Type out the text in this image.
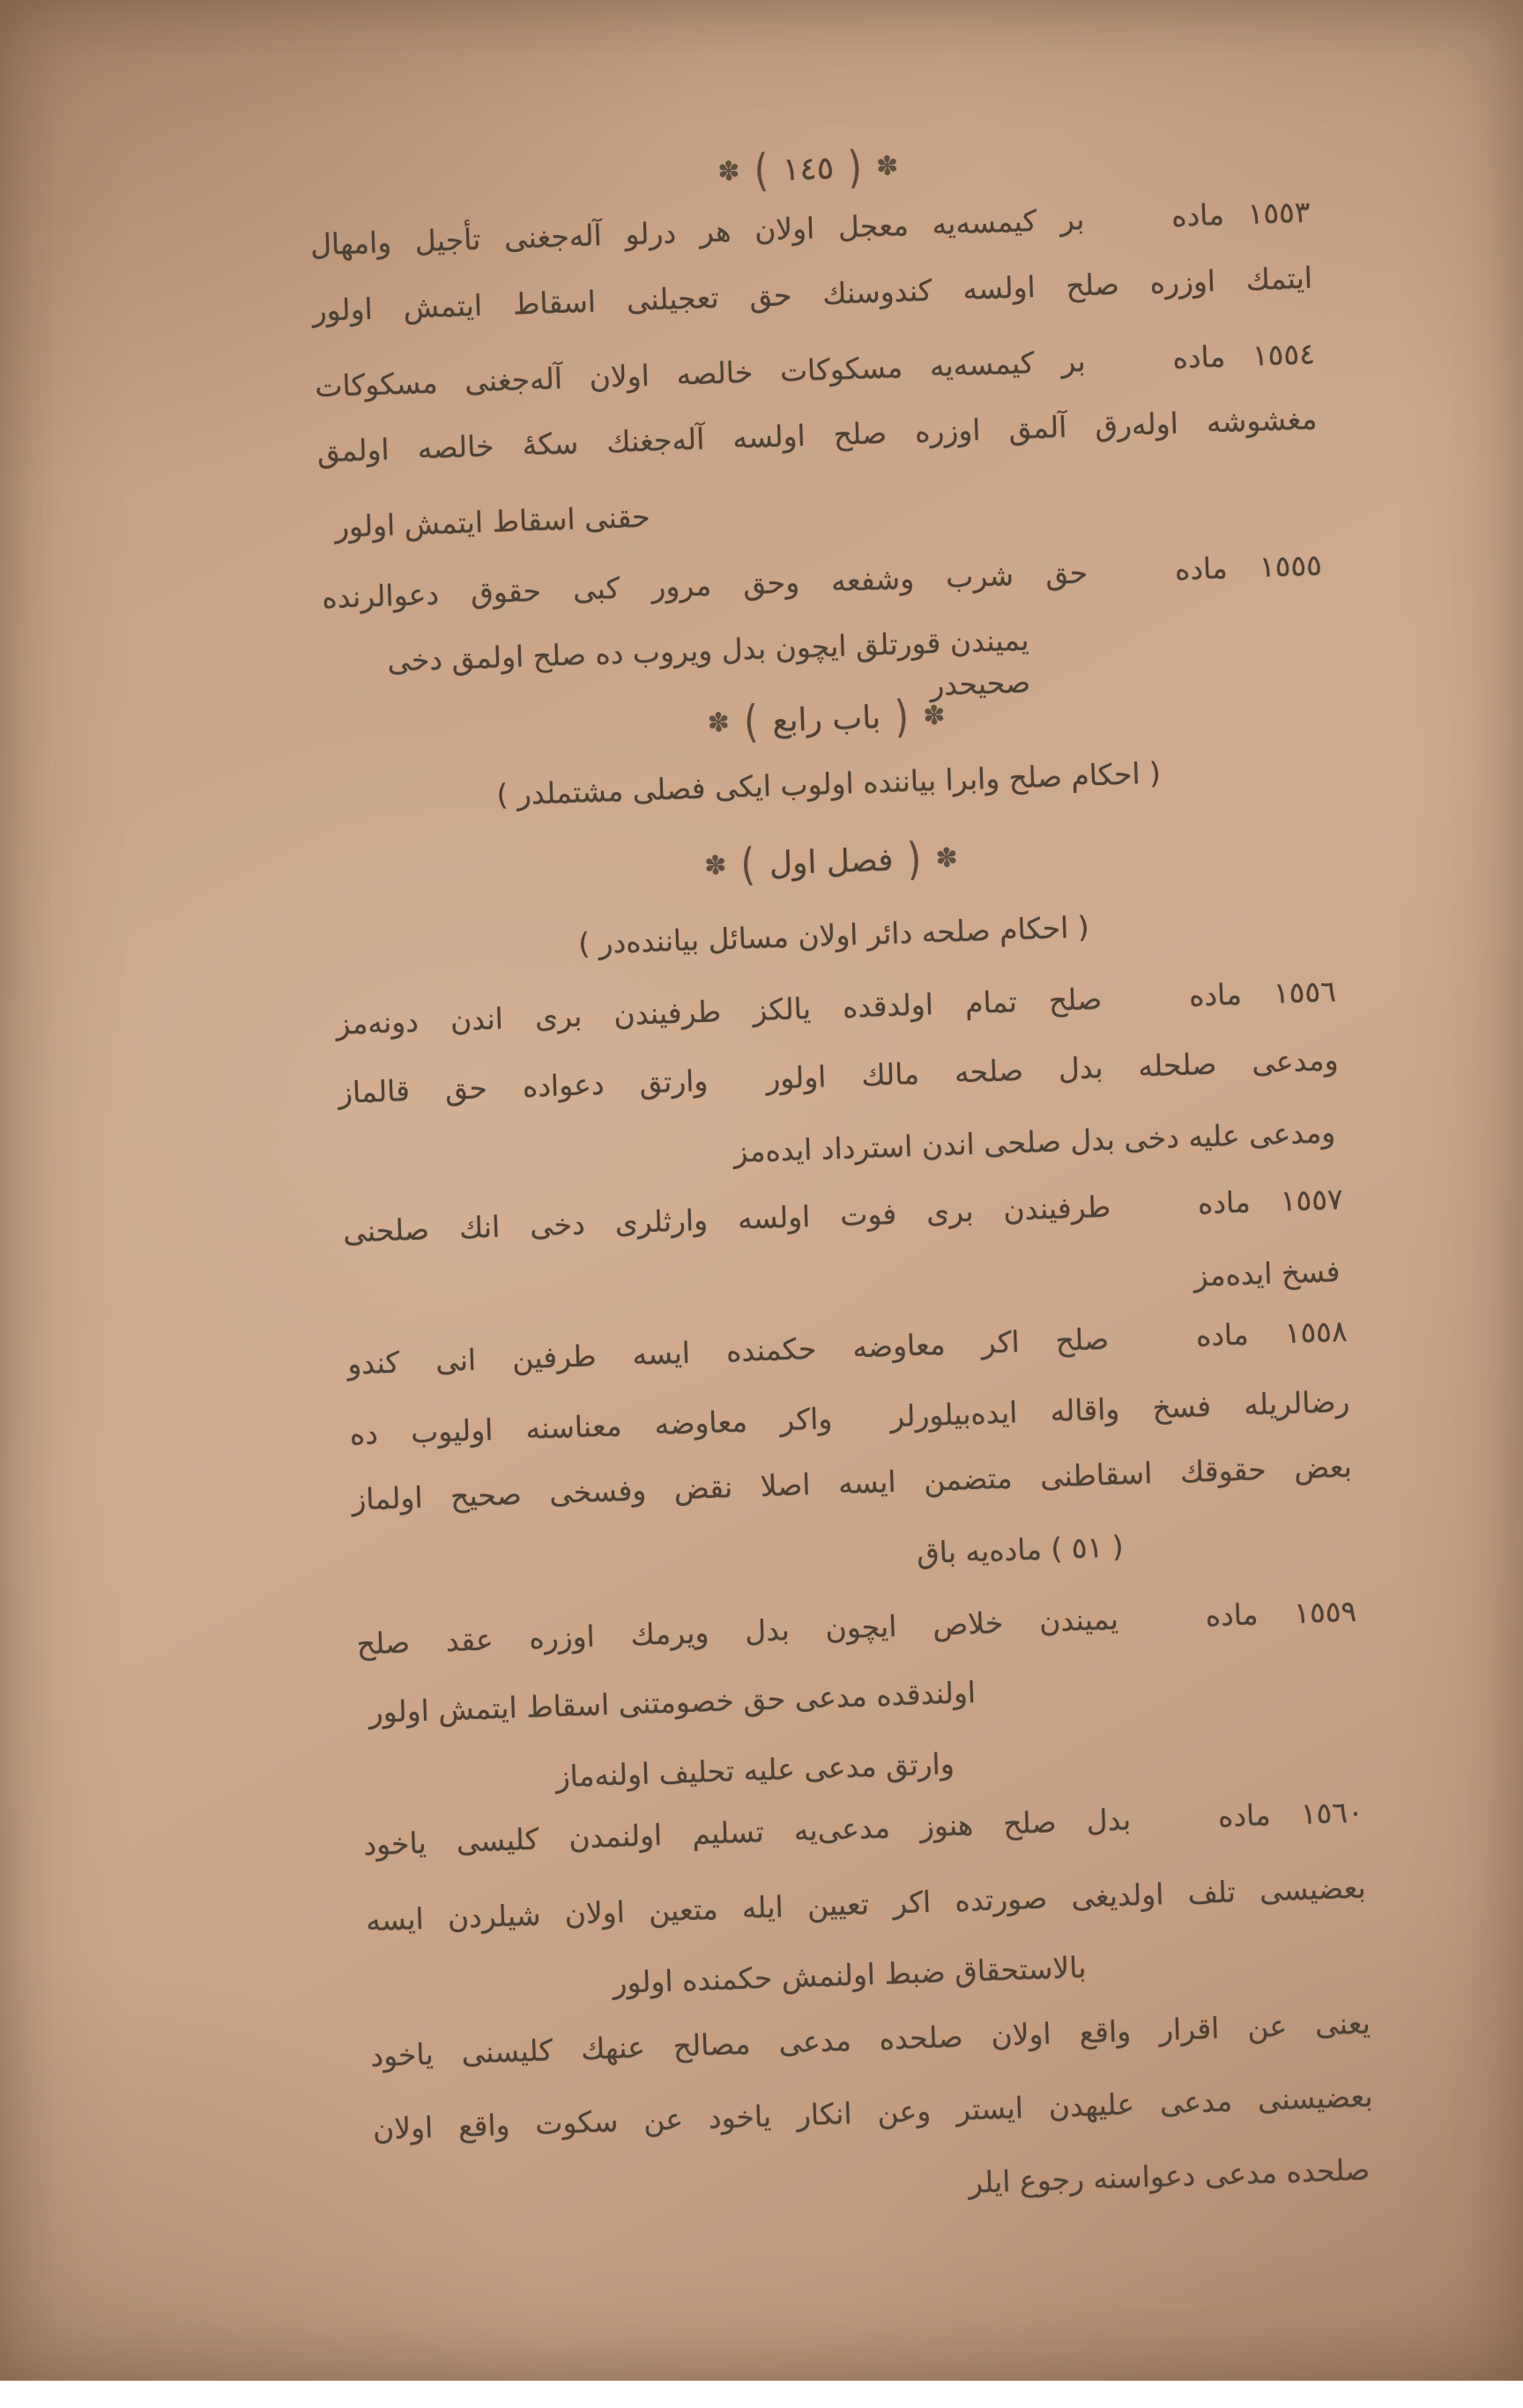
✽ ( ١٤٥ ) ✽
١٥٥٣ ماده   بر كيمسه‌يه معجل اولان هر درلو آله‌جغنى تأجيل وامهال
ايتمك اوزره صلح اولسه كندوسنك حق تعجيلنى اسقاط ايتمش اولور
١٥٥٤ ماده   بر كيمسه‌يه مسكوكات خالصه اولان آله‌جغنى مسكوكات
مغشوشه اوله‌رق آلمق اوزره صلح اولسه آله‌جغنك سكهٔ خالصه اولمق
حقنى اسقاط ايتمش اولور
١٥٥٥ ماده   حق شرب وشفعه وحق مرور كبى حقوق دعوالرنده
يميندن قورتلق ايچون بدل ويروب ده صلح اولمق دخى صحيحدر
✽ ( باب رابع ) ✽
( احكام صلح وابرا بياننده اولوب ايكى فصلى مشتملدر )
✽ ( فصل اول ) ✽
( احكام صلحه دائر اولان مسائل بياننده‌در )
١٥٥٦ ماده   صلح تمام اولدقده يالكز طرفيندن برى اندن دونه‌مز
ومدعى صلحله بدل صلحه مالك اولور  وارتق دعواده حق قالماز
ومدعى عليه دخى بدل صلحى اندن استرداد ايده‌مز
١٥٥٧ ماده   طرفيندن برى فوت اولسه وارثلرى دخى انك صلحنى
فسخ ايده‌مز
١٥٥٨ ماده   صلح اكر معاوضه حكمنده ايسه طرفين انى كندو
رضالريله فسخ واقاله ايده‌بيلورلر  واكر معاوضه معناسنه اوليوب ده
بعض حقوقك اسقاطنى متضمن ايسه اصلا نقض وفسخى صحيح اولماز
( ٥١ ) ماده‌يه باق
١٥٥٩ ماده   يميندن خلاص ايچون بدل ويرمك اوزره عقد صلح
اولندقده مدعى حق خصومتنى اسقاط ايتمش اولور
وارتق مدعى عليه تحليف اولنه‌ماز
١٥٦٠ ماده   بدل صلح هنوز مدعى‌يه تسليم اولنمدن كليسى ياخود
بعضيسى تلف اولديغى صورتده اكر تعيين ايله متعين اولان شيلردن ايسه
بالاستحقاق ضبط اولنمش حكمنده اولور
يعنى عن اقرار واقع اولان صلحده مدعى مصالح عنهك كليسنى ياخود
بعضيسنى مدعى عليهدن ايستر وعن انكار ياخود عن سكوت واقع اولان
صلحده مدعى دعواسنه رجوع ايلر
